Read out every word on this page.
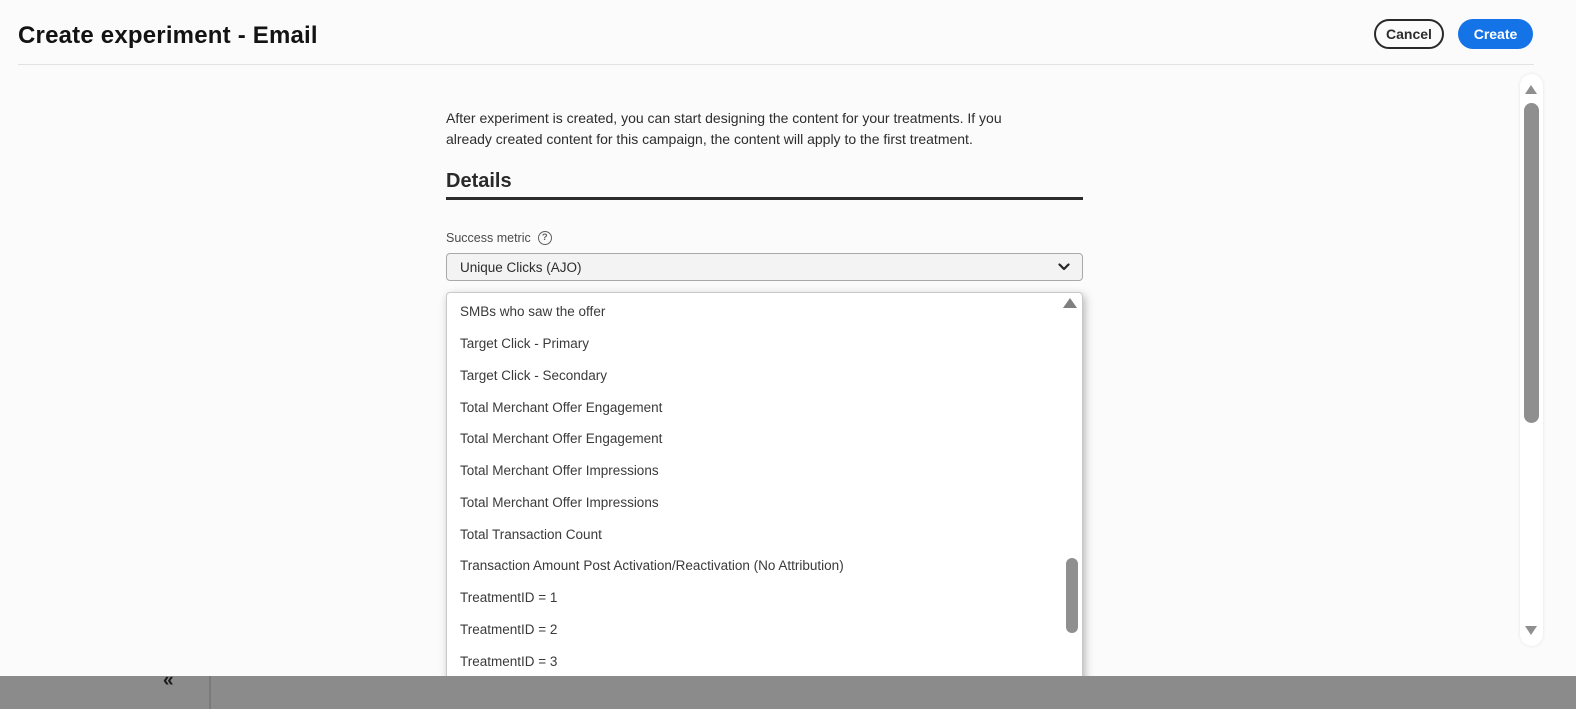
Create experiment - Email	Cancel	Create
After experiment is created, you can start designing the content for your treatments. If you already created content for this campaign, the content will apply to the first treatment.
Details
Success metric	?
Unique Clicks (AJO)
SMBs who saw the offer
Target Click - Primary
Target Click - Secondary
Total Merchant Offer Engagement
Total Merchant Offer Engagement
Total Merchant Offer Impressions
Total Merchant Offer Impressions
Total Transaction Count
Transaction Amount Post Activation/Reactivation (No Attribution)
TreatmentID = 1
TreatmentID = 2
TreatmentID = 3
«
